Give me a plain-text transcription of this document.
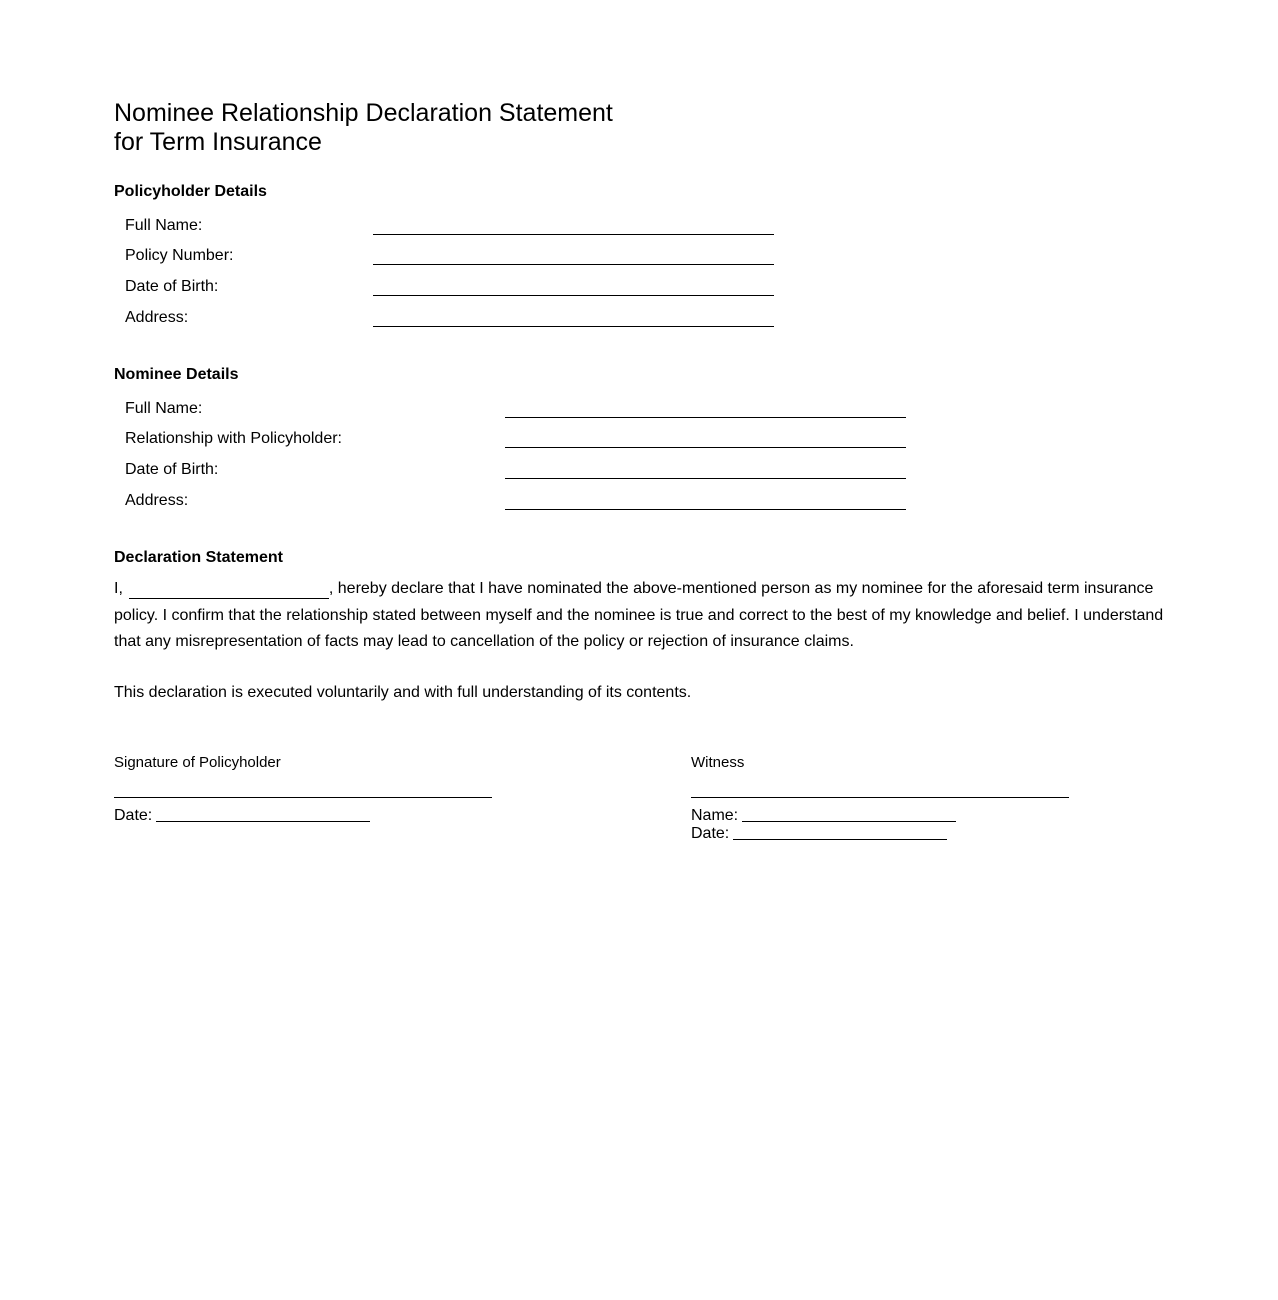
Nominee Relationship Declaration Statement
for Term Insurance
Policyholder Details
Full Name:
Policy Number:
Date of Birth:
Address:
Nominee Details
Full Name:
Relationship with Policyholder:
Date of Birth:
Address:
Declaration Statement

I,	, hereby declare that I have nominated the above-mentioned person as my nominee for the aforesaid term insurance policy. I confirm that the relationship stated between myself and the nominee is true and correct to the best of my knowledge and belief. I understand that any misrepresentation of facts may lead to cancellation of the policy or rejection of insurance claims.

This declaration is executed voluntarily and with full understanding of its contents.

Signature of Policyholder
Date:
Witness
Name:
Date:
